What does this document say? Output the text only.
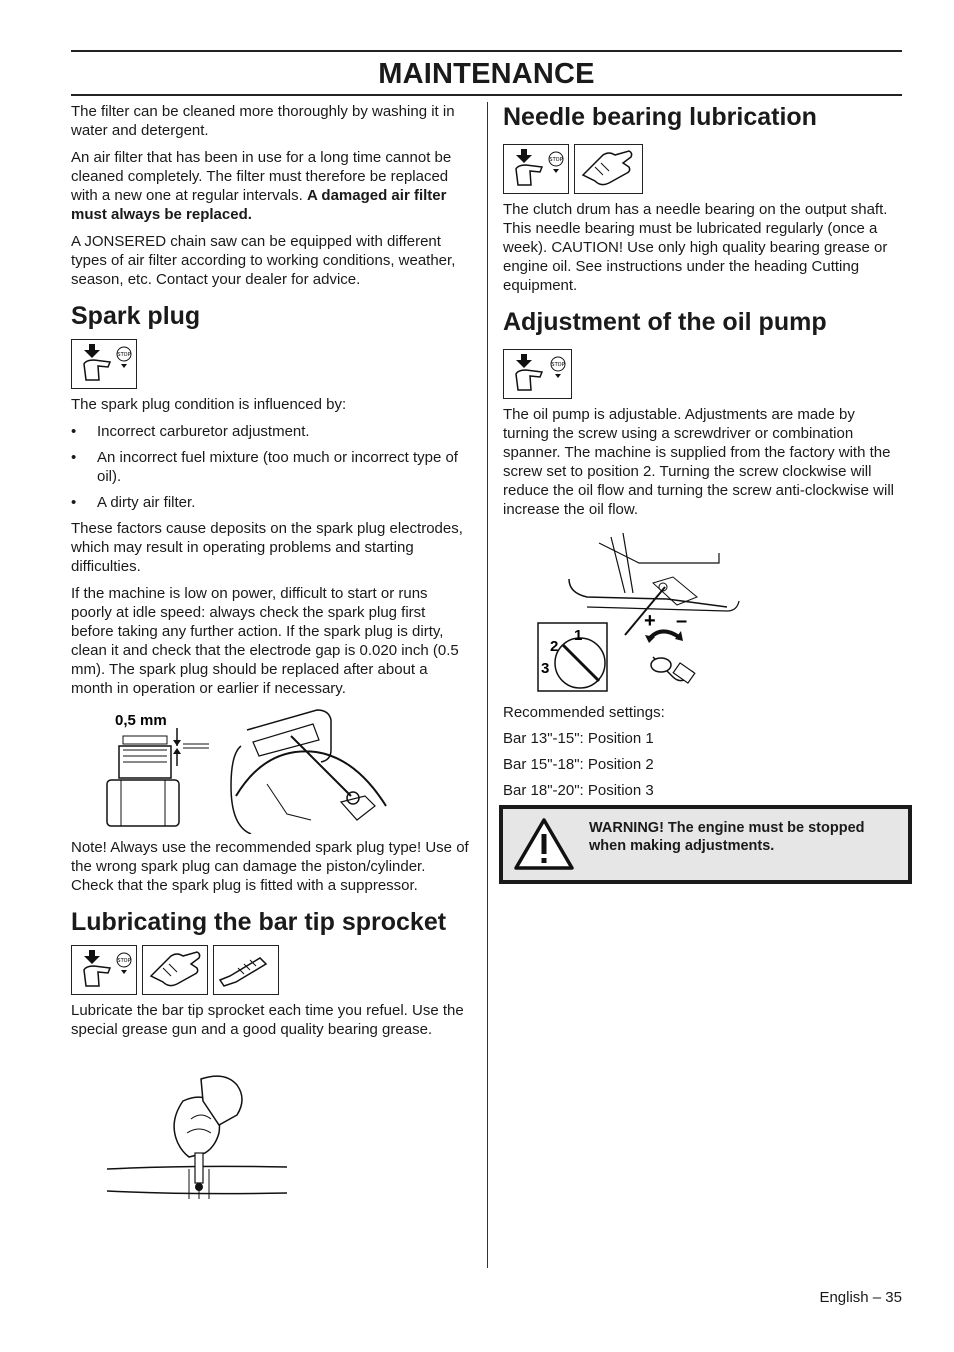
MAINTENANCE

The filter can be cleaned more thoroughly by washing it in water and detergent.

An air filter that has been in use for a long time cannot be cleaned completely. The filter must therefore be replaced with a new one at regular intervals. A damaged air filter must always be replaced.

A JONSERED chain saw can be equipped with different types of air filter according to working conditions, weather, season, etc. Contact your dealer for advice.

Spark plug
STOP

The spark plug condition is influenced by:

• Incorrect carburetor adjustment.
• An incorrect fuel mixture (too much or incorrect type of oil).
• A dirty air filter.

These factors cause deposits on the spark plug electrodes, which may result in operating problems and starting difficulties.

If the machine is low on power, difficult to start or runs poorly at idle speed: always check the spark plug first before taking any further action. If the spark plug is dirty, clean it and check that the electrode gap is 0.020 inch (0.5 mm). The spark plug should be replaced after about a month in operation or earlier if necessary.

0,5 mm

Note! Always use the recommended spark plug type! Use of the wrong spark plug can damage the piston/cylinder. Check that the spark plug is fitted with a suppressor.

Lubricating the bar tip sprocket
STOP

Lubricate the bar tip sprocket each time you refuel. Use the special grease gun and a good quality bearing grease.

Needle bearing lubrication
STOP

The clutch drum has a needle bearing on the output shaft. This needle bearing must be lubricated regularly (once a week). CAUTION! Use only high quality bearing grease or engine oil. See instructions under the heading Cutting equipment.

Adjustment of the oil pump
STOP

The oil pump is adjustable. Adjustments are made by turning the screw using a screwdriver or combination spanner. The machine is supplied from the factory with the screw set to position 2. Turning the screw clockwise will reduce the oil flow and turning the screw anti-clockwise will increase the oil flow.

1
2
3
+ –

Recommended settings:

Bar 13"-15": Position 1

Bar 15"-18": Position 2

Bar 18"-20": Position 3

WARNING! The engine must be stopped when making adjustments.
English – 35
